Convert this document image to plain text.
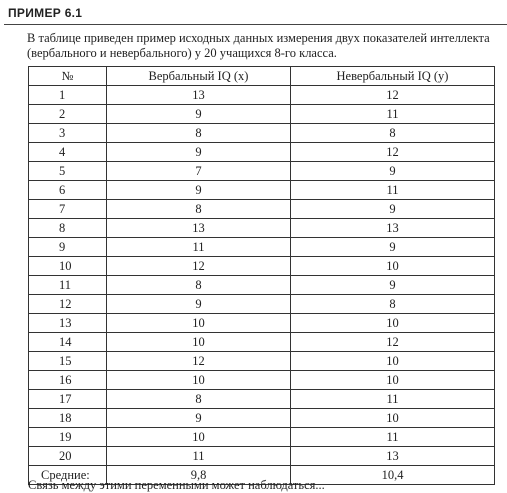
ПРИМЕР 6.1
В таблице приведен пример исходных данных измерения двух показателей интеллекта (вербального и невербального) у 20 учащихся 8-го класса.
№	Вербальный IQ (x)	Невербальный IQ (y)
1	13	12
2	9	11
3	8	8
4	9	12
5	7	9
6	9	11
7	8	9
8	13	13
9	11	9
10	12	10
11	8	9
12	9	8
13	10	10
14	10	12
15	12	10
16	10	10
17	8	11
18	9	10
19	10	11
20	11	13
Средние:	9,8	10,4
Связь между этими переменными может наблюдаться...
